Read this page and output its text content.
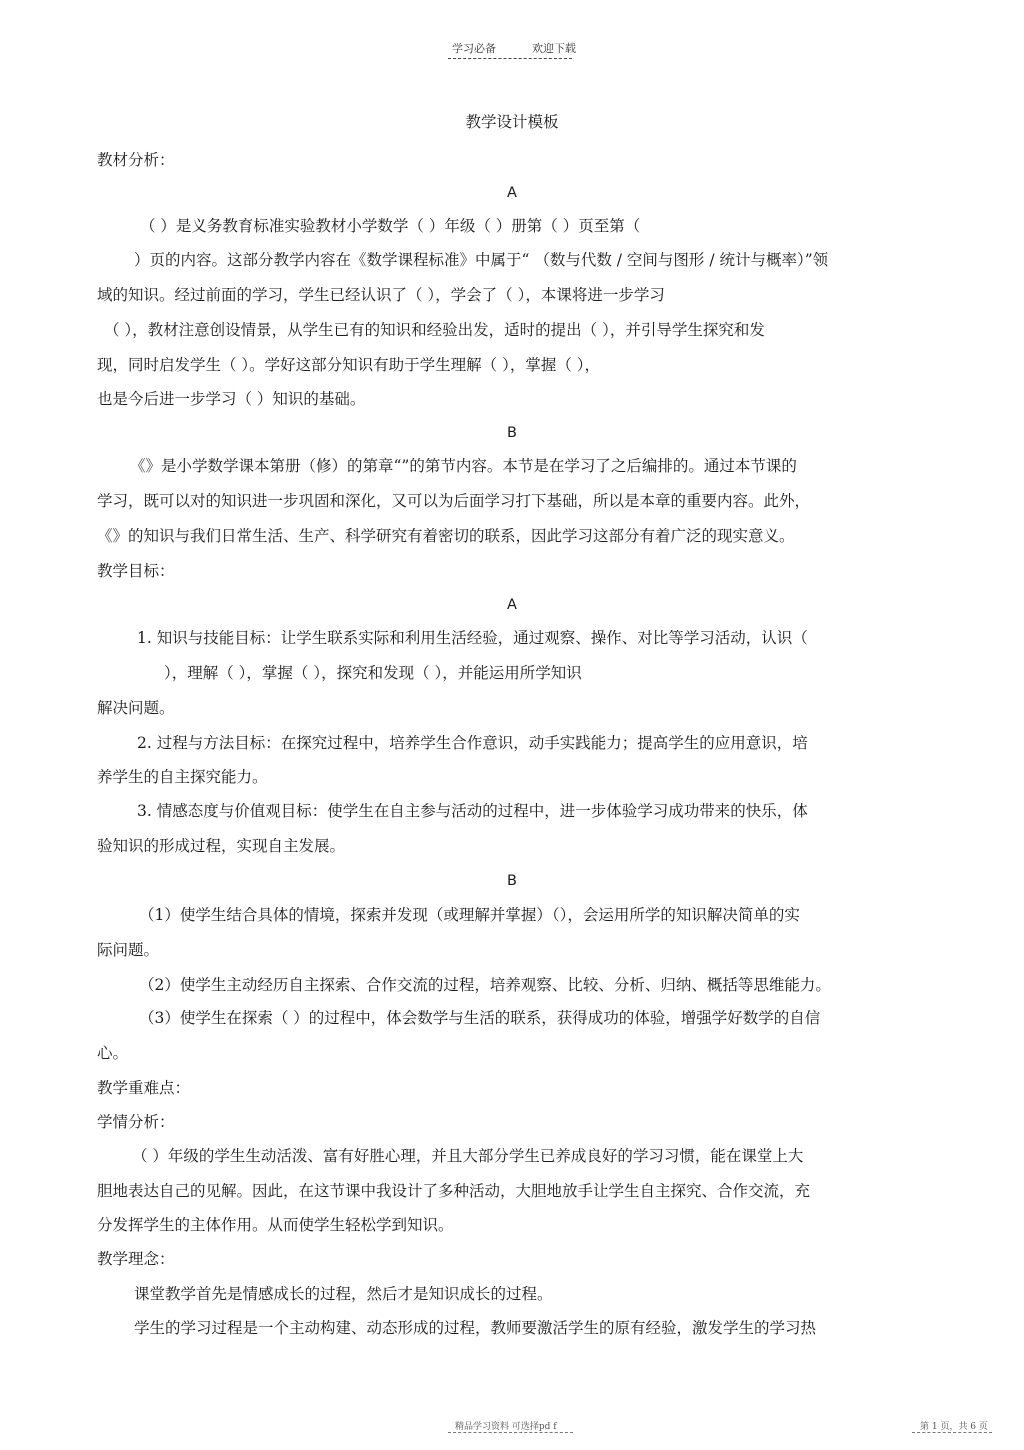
学习必备	欢迎下载
教学设计模板
教材分析：
A
（ ）是义务教育标准实验教材小学数学（ ）年级（ ）册第（ ）页至第（
）页的内容。这部分教学内容在《数学课程标准》中属于“ （数与代数 / 空间与图形 / 统计与概率）”领
域的知识。经过前面的学习，学生已经认识了（ ），学会了（ ），本课将进一步学习
（ ），教材注意创设情景，从学生已有的知识和经验出发，适时的提出（ ），并引导学生探究和发
现，同时启发学生（ ）。学好这部分知识有助于学生理解（ ），掌握（ ），
也是今后进一步学习（ ）知识的基础。
B
《》是小学数学课本第册（修）的第章“”的第节内容。本节是在学习了之后编排的。通过本节课的
学习，既可以对的知识进一步巩固和深化，又可以为后面学习打下基础，所以是本章的重要内容。此外，
《》的知识与我们日常生活、生产、科学研究有着密切的联系，因此学习这部分有着广泛的现实意义。
教学目标：
A
1. 知识与技能目标：让学生联系实际和利用生活经验，通过观察、操作、对比等学习活动，认识（
），理解（ ），掌握（ ），探究和发现（ ），并能运用所学知识
解决问题。
2. 过程与方法目标：在探究过程中，培养学生合作意识，动手实践能力；提高学生的应用意识，培
养学生的自主探究能力。
3. 情感态度与价值观目标：使学生在自主参与活动的过程中，进一步体验学习成功带来的快乐，体
验知识的形成过程，实现自主发展。
B
（1）使学生结合具体的情境，探索并发现（或理解并掌握）（），会运用所学的知识解决简单的实
际问题。
（2）使学生主动经历自主探索、合作交流的过程，培养观察、比较、分析、归纳、概括等思维能力。
（3）使学生在探索（ ）的过程中，体会数学与生活的联系，获得成功的体验，增强学好数学的自信
心。
教学重难点：
学情分析：
（ ）年级的学生生动活泼、富有好胜心理，并且大部分学生已养成良好的学习习惯，能在课堂上大
胆地表达自己的见解。因此，在这节课中我设计了多种活动，大胆地放手让学生自主探究、合作交流，充
分发挥学生的主体作用。从而使学生轻松学到知识。
教学理念：
课堂教学首先是情感成长的过程，然后才是知识成长的过程。
学生的学习过程是一个主动构建、动态形成的过程，教师要激活学生的原有经验，激发学生的学习热
精品学习资料 可选择pd f	第 1 页，共 6 页
